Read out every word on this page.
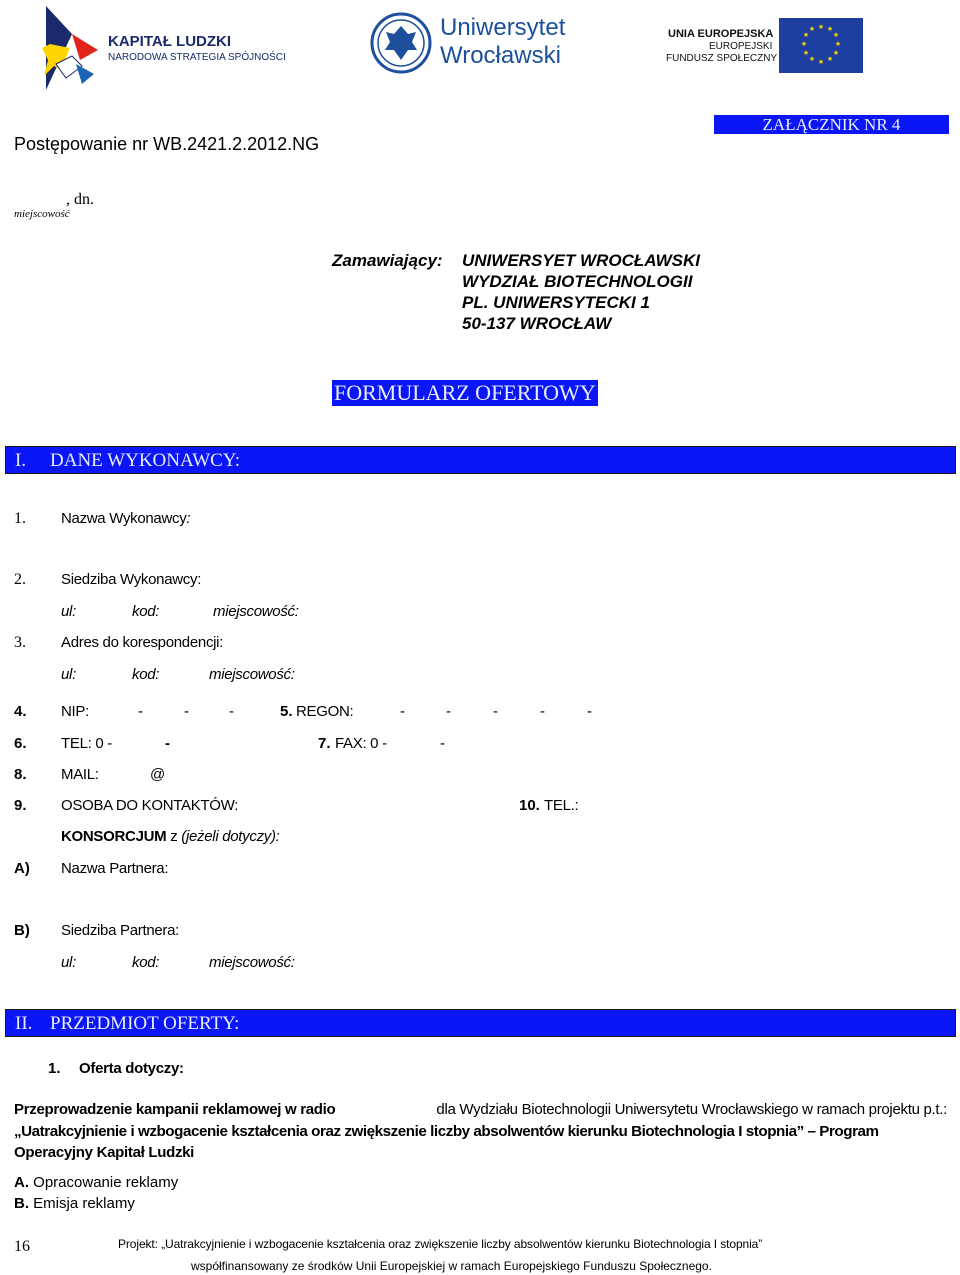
KAPITAŁ LUDZKI
NARODOWA STRATEGIA SPÓJNOŚCI
Uniwersytet
Wrocławski
UNIA EUROPEJSKA
EUROPEJSKI
FUNDUSZ SPOŁECZNY
★ ★
★
★
★
★
★
★
★
★
★
★
Postępowanie nr WB.2421.2.2012.NG
ZAŁĄCZNIK NR 4
, dn.
miejscowość
Zamawiający: UNIWERSYET WROCŁAWSKI
WYDZIAŁ BIOTECHNOLOGII
PL. UNIWERSYTECKI 1
50-137 WROCŁAW
FORMULARZ OFERTOWY
I. DANE WYKONAWCY:
1. Nazwa Wykonawcy:
2. Siedziba Wykonawcy:
ul:	kod:	miejscowość:
3. Adres do korespondencji:
ul:	kod:	miejscowość:
4. NIP:	-	-	-	5. REGON:	-	-	-	-	-
6. TEL: 0 -	-	7. FAX: 0 -	-
8. MAIL:	@
9. OSOBA DO KONTAKTÓW:	10. TEL.:
KONSORCJUM z (jeżeli dotyczy):
A) Nazwa Partnera:
B) Siedziba Partnera:
ul:	kod:	miejscowość:
II. PRZEDMIOT OFERTY:
1. Oferta dotyczy:
Przeprowadzenie kampanii reklamowej w radio	dla Wydziału Biotechnologii Uniwersytetu Wrocławskiego w ramach projektu p.t.:
„Uatrakcyjnienie i wzbogacenie kształcenia oraz zwiększenie liczby absolwentów kierunku Biotechnologia I stopnia” – Program
Operacyjny Kapitał Ludzki
A. Opracowanie reklamy
B. Emisja reklamy
16	Projekt: „Uatrakcyjnienie i wzbogacenie kształcenia oraz zwiększenie liczby absolwentów kierunku Biotechnologia I stopnia”
współfinansowany ze środków Unii Europejskiej w ramach Europejskiego Funduszu Społecznego.
